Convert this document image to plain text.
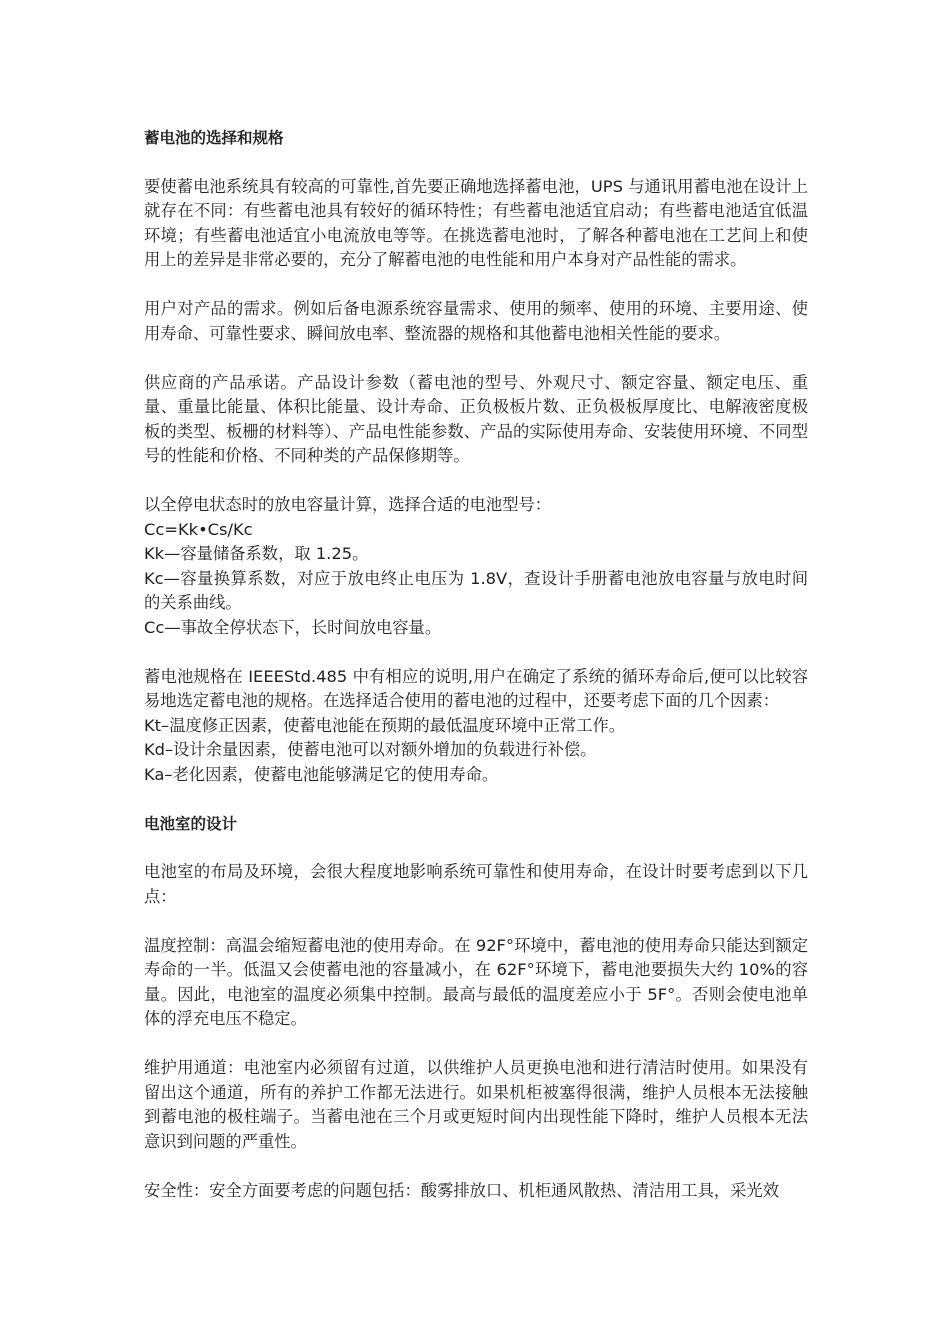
蓄电池的选择和规格

要使蓄电池系统具有较高的可靠性,首先要正确地选择蓄电池，UPS 与通讯用蓄电池在设计上就存在不同：有些蓄电池具有较好的循环特性；有些蓄电池适宜启动；有些蓄电池适宜低温环境；有些蓄电池适宜小电流放电等等。在挑选蓄电池时，了解各种蓄电池在工艺间上和使用上的差异是非常必要的，充分了解蓄电池的电性能和用户本身对产品性能的需求。

用户对产品的需求。例如后备电源系统容量需求、使用的频率、使用的环境、主要用途、使用寿命、可靠性要求、瞬间放电率、整流器的规格和其他蓄电池相关性能的要求。

供应商的产品承诺。产品设计参数（蓄电池的型号、外观尺寸、额定容量、额定电压、重量、重量比能量、体积比能量、设计寿命、正负极板片数、正负极板厚度比、电解液密度极板的类型、板栅的材料等）、产品电性能参数、产品的实际使用寿命、安装使用环境、不同型号的性能和价格、不同种类的产品保修期等。

以全停电状态时的放电容量计算，选择合适的电池型号：
Cc=Kk•Cs/Kc
Kk—容量储备系数，取 1.25。
Kc—容量换算系数，对应于放电终止电压为 1.8V，查设计手册蓄电池放电容量与放电时间的关系曲线。
Cc—事故全停状态下，长时间放电容量。

蓄电池规格在 IEEEStd.485 中有相应的说明,用户在确定了系统的循环寿命后,便可以比较容易地选定蓄电池的规格。在选择适合使用的蓄电池的过程中，还要考虑下面的几个因素：
Kt–温度修正因素，使蓄电池能在预期的最低温度环境中正常工作。
Kd–设计余量因素，使蓄电池可以对额外增加的负载进行补偿。
Ka–老化因素，使蓄电池能够满足它的使用寿命。

电池室的设计

电池室的布局及环境，会很大程度地影响系统可靠性和使用寿命，在设计时要考虑到以下几点：

温度控制：高温会缩短蓄电池的使用寿命。在 92F°环境中，蓄电池的使用寿命只能达到额定寿命的一半。低温又会使蓄电池的容量减小，在 62F°环境下，蓄电池要损失大约 10%的容量。因此，电池室的温度必须集中控制。最高与最低的温度差应小于 5F°。否则会使电池单体的浮充电压不稳定。

维护用通道：电池室内必须留有过道，以供维护人员更换电池和进行清洁时使用。如果没有留出这个通道，所有的养护工作都无法进行。如果机柜被塞得很满，维护人员根本无法接触到蓄电池的极柱端子。当蓄电池在三个月或更短时间内出现性能下降时，维护人员根本无法意识到问题的严重性。

安全性：安全方面要考虑的问题包括：酸雾排放口、机柜通风散热、清洁用工具，采光效
